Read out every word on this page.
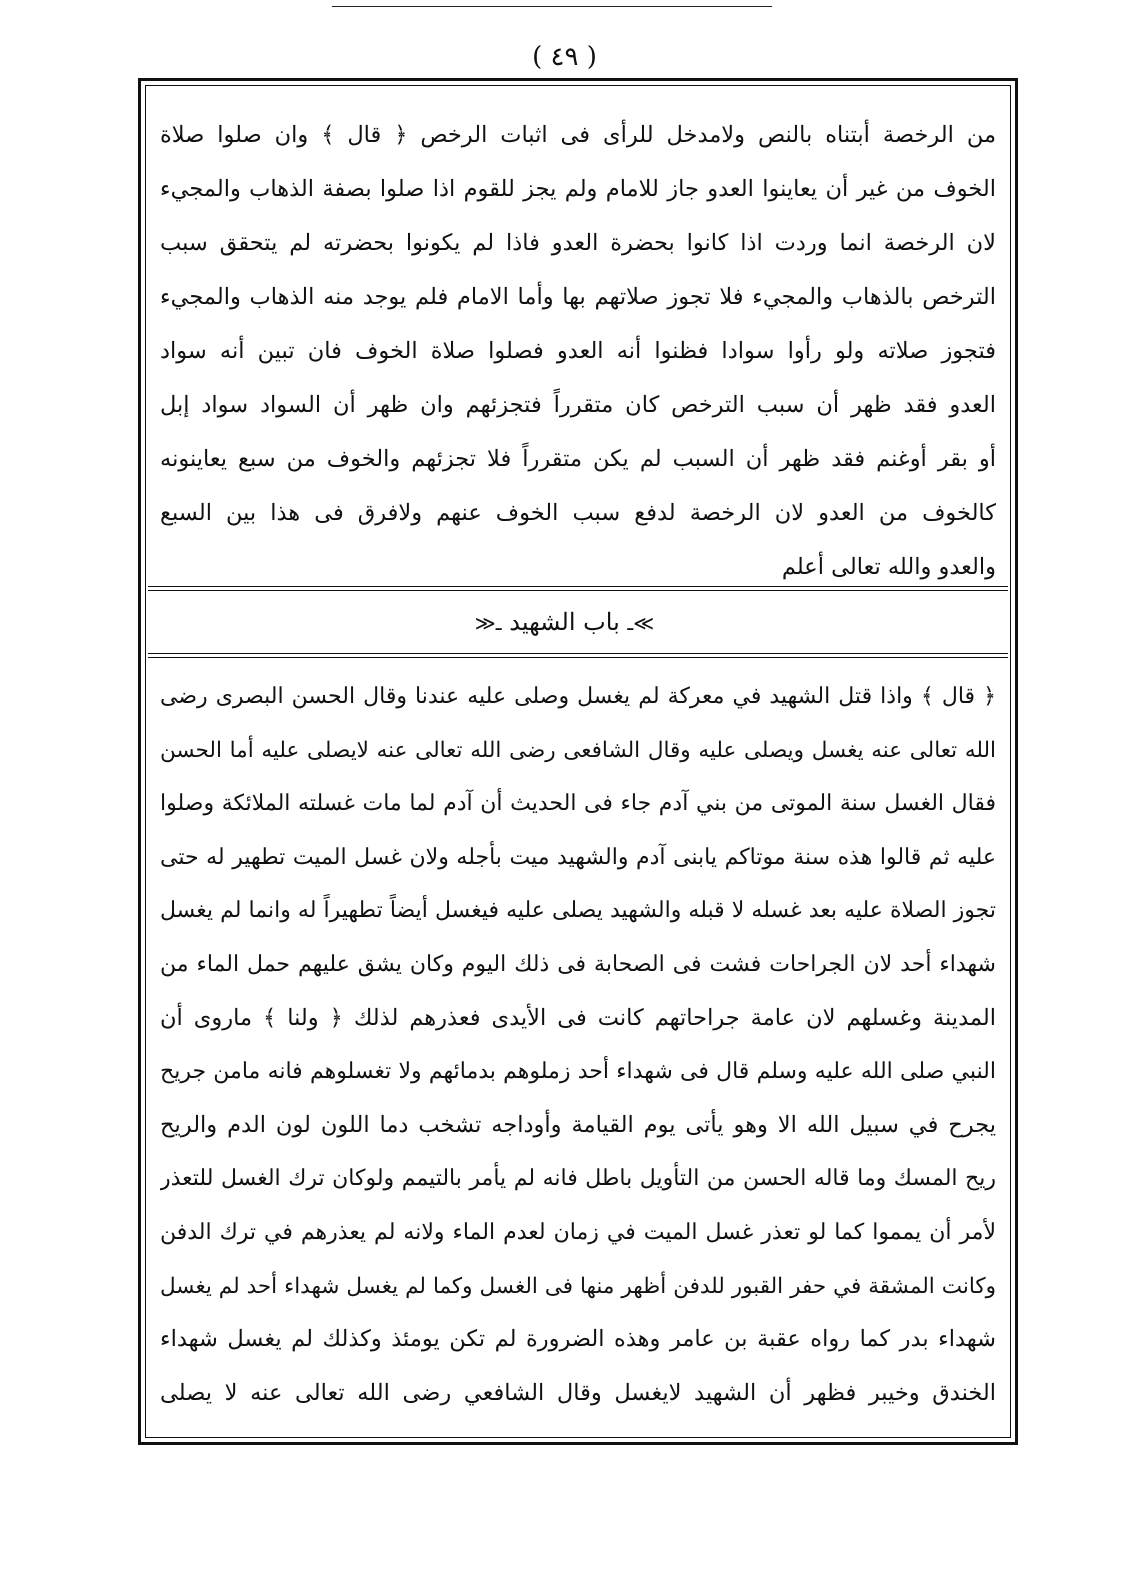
( ٤٩ )
من الرخصة أبتناه بالنص ولامدخل للرأى فى اثبات الرخص ﴿ قال ﴾ وان صلوا صلاة
الخوف من غير أن يعاينوا العدو جاز للامام ولم يجز للقوم اذا صلوا بصفة الذهاب والمجيء
لان الرخصة انما وردت اذا كانوا بحضرة العدو فاذا لم يكونوا بحضرته لم يتحقق سبب
الترخص بالذهاب والمجيء فلا تجوز صلاتهم بها وأما الامام فلم يوجد منه الذهاب والمجيء
فتجوز صلاته ولو رأوا سوادا فظنوا أنه العدو فصلوا صلاة الخوف فان تبين أنه سواد
العدو فقد ظهر أن سبب الترخص كان متقرراً فتجزئهم وان ظهر أن السواد سواد إبل
أو بقر أوغنم فقد ظهر أن السبب لم يكن متقرراً فلا تجزئهم والخوف من سبع يعاينونه
كالخوف من العدو لان الرخصة لدفع سبب الخوف عنهم ولافرق فى هذا بين السبع
والعدو والله تعالى أعلم
≫ـ باب الشهيد ـ≪
﴿ قال ﴾ واذا قتل الشهيد في معركة لم يغسل وصلى عليه عندنا وقال الحسن البصرى رضى
الله تعالى عنه يغسل ويصلى عليه وقال الشافعى رضى الله تعالى عنه لايصلى عليه أما الحسن
فقال الغسل سنة الموتى من بني آدم جاء فى الحديث أن آدم لما مات غسلته الملائكة وصلوا
عليه ثم قالوا هذه سنة موتاكم يابنى آدم والشهيد ميت بأجله ولان غسل الميت تطهير له حتى
تجوز الصلاة عليه بعد غسله لا قبله والشهيد يصلى عليه فيغسل أيضاً تطهيراً له وانما لم يغسل
شهداء أحد لان الجراحات فشت فى الصحابة فى ذلك اليوم وكان يشق عليهم حمل الماء من
المدينة وغسلهم لان عامة جراحاتهم كانت فى الأيدى فعذرهم لذلك ﴿ ولنا ﴾ ماروى أن
النبي صلى الله عليه وسلم قال فى شهداء أحد زملوهم بدمائهم ولا تغسلوهم فانه مامن جريح
يجرح في سبيل الله الا وهو يأتى يوم القيامة وأوداجه تشخب دما اللون لون الدم والريح
ريح المسك وما قاله الحسن من التأويل باطل فانه لم يأمر بالتيمم ولوكان ترك الغسل للتعذر
لأمر أن يمموا كما لو تعذر غسل الميت في زمان لعدم الماء ولانه لم يعذرهم في ترك الدفن
وكانت المشقة في حفر القبور للدفن أظهر منها فى الغسل وكما لم يغسل شهداء أحد لم يغسل
شهداء بدر كما رواه عقبة بن عامر وهذه الضرورة لم تكن يومئذ وكذلك لم يغسل شهداء
الخندق وخيبر فظهر أن الشهيد لايغسل وقال الشافعي رضى الله تعالى عنه لا يصلى
